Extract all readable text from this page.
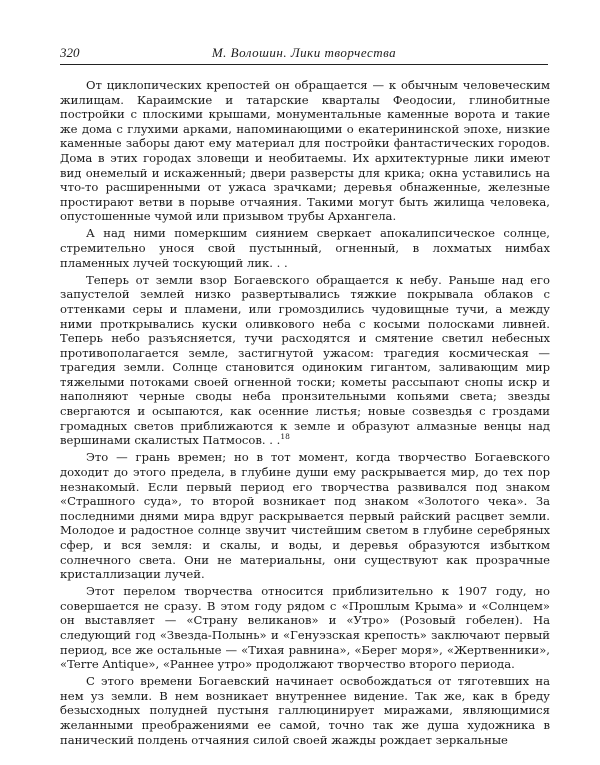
320	М. Волошин. Лики творчества

От циклопических крепостей он обращается — к обычным человеческим жилищам. Караимские и татарские кварталы Феодосии, глинобитные постройки с плоскими крышами, монументальные каменные ворота и такие же дома с глухими арками, напоминающими о екатерининской эпохе, низкие каменные заборы дают ему материал для постройки фантастических городов. Дома в этих городах зловещи и необитаемы. Их архитектурные лики имеют вид онемелый и искаженный; двери разверсты для крика; окна уставились на что-то расширенными от ужаса зрачками; деревья обнаженные, железные простирают ветви в порыве отчаяния. Такими могут быть жилища человека, опустошенные чумой или призывом трубы Архангела.

А над ними померкшим сиянием сверкает апокалипсическое солнце, стремительно унося свой пустынный, огненный, в лохматых нимбах пламенных лучей тоскующий лик. . .

Теперь от земли взор Богаевского обращается к небу. Раньше над его запустелой землей низко развертывались тяжкие покрывала облаков с оттенками серы и пламени, или громоздились чудовищные тучи, а между ними проткрывались куски оливкового неба с косыми полосками ливней. Теперь небо разъясняется, тучи расходятся и смятение светил небесных противополагается земле, застигнутой ужасом: трагедия космическая — трагедия земли. Солнце становится одиноким гигантом, заливающим мир тяжелыми потоками своей огненной тоски; кометы рассыпают снопы искр и наполняют черные своды неба пронзительными копьями света; звезды свергаются и осыпаются, как осенние листья; новые созвездья с гроздами громадных светов приближаются к земле и образуют алмазные венцы над вершинами скалистых Патмосов. . .$^{18}$

Это — грань времен; но в тот момент, когда творчество Богаевского доходит до этого предела, в глубине души ему раскрывается мир, до тех пор незнакомый. Если первый период его творчества развивался под знаком «Страшного суда», то второй возникает под знаком «Золотого чека». За последними днями мира вдруг раскрывается первый райский расцвет земли. Молодое и радостное солнце звучит чистейшим светом в глубине серебряных сфер, и вся земля: и скалы, и воды, и деревья образуются избытком солнечного света. Они не материальны, они существуют как прозрачные кристаллизации лучей.

Этот перелом творчества относится приблизительно к 1907 году, но совершается не сразу. В этом году рядом с «Прошлым Крыма» и «Солнцем» он выставляет — «Страну великанов» и «Утро» (Розовый гобелен). На следующий год «Звезда-Полынь» и «Генуэзская крепость» заключают первый период, все же остальные — «Тихая равнина», «Берег моря», «Жертвенники», «Terre Antique», «Раннее утро» продолжают творчество второго периода.

С этого времени Богаевский начинает освобождаться от тяготевших на нем уз земли. В нем возникает внутреннее видение. Так же, как в бреду безысходных полудней пустыня галлюцинирует миражами, являющимися желанными преображениями ее самой, точно так же душа художника в панический полдень отчаяния силой своей жажды рождает зеркальные
